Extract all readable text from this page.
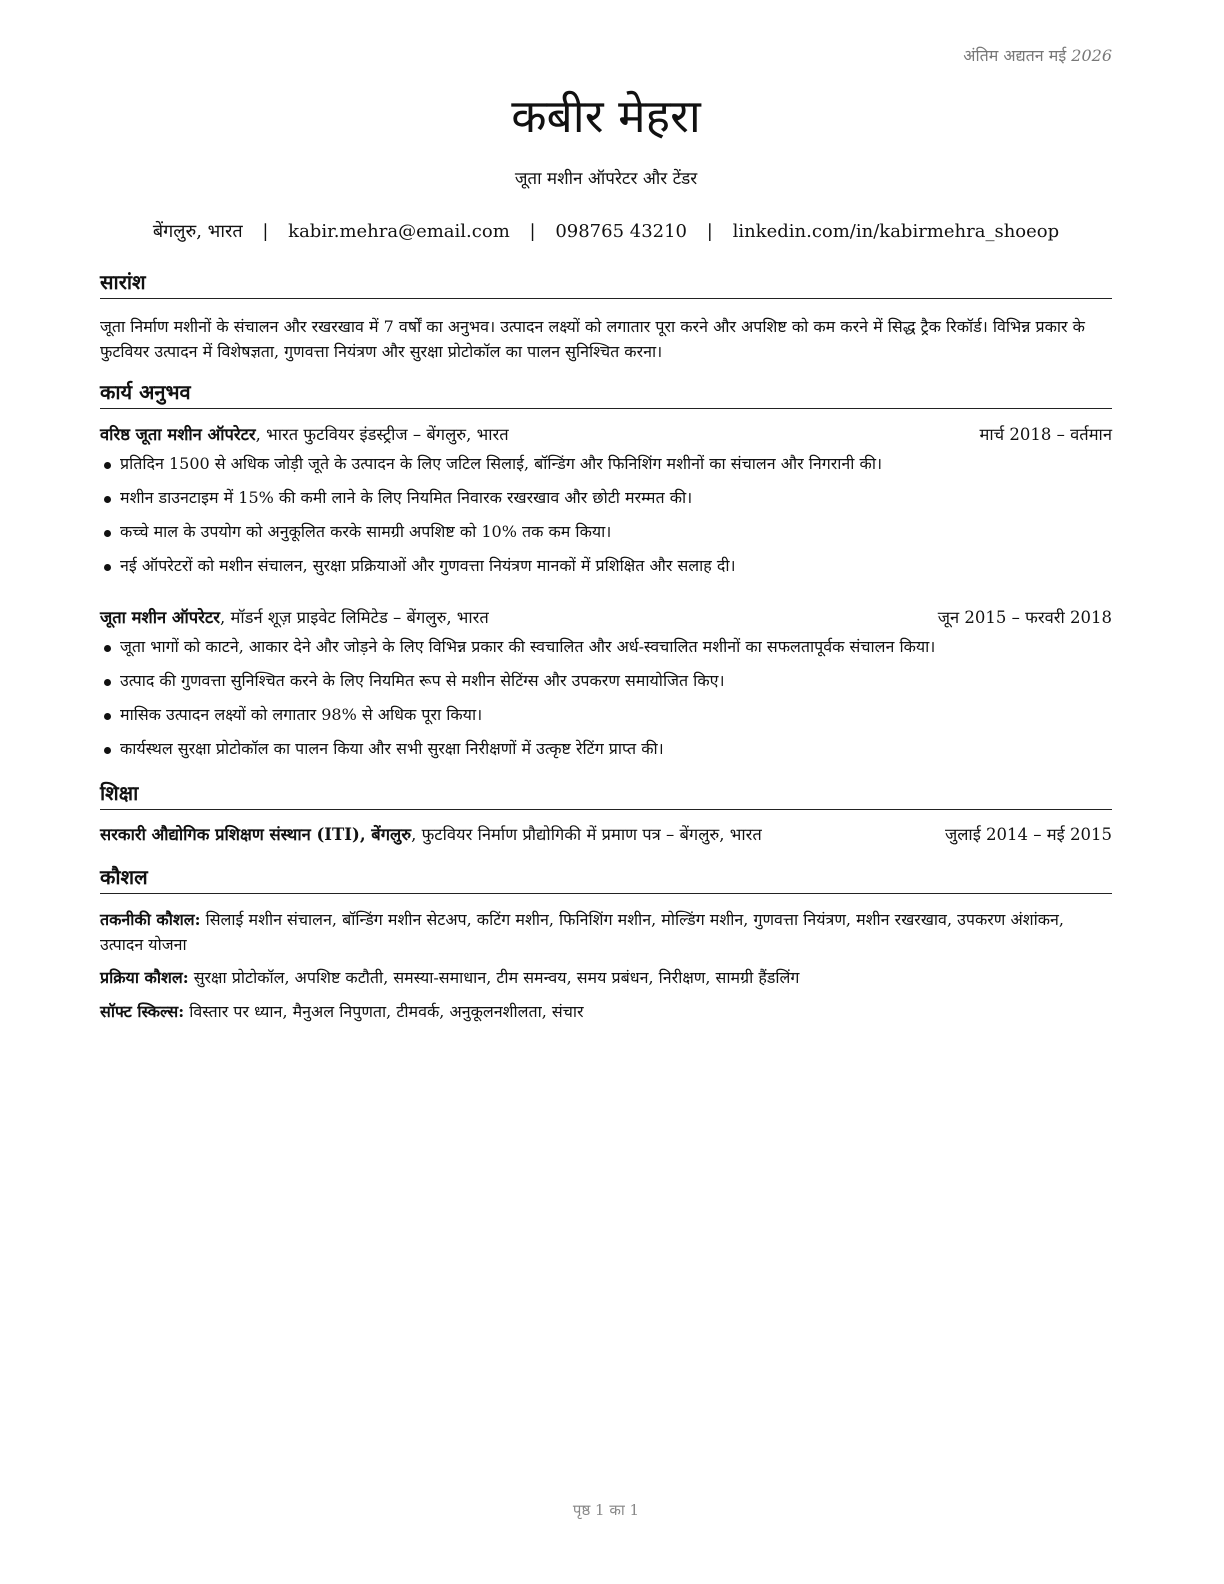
अंतिम अद्यतन मई 2026
कबीर मेहरा
जूता मशीन ऑपरेटर और टेंडर
बेंगलुरु, भारत | kabir.mehra@email.com | 098765 43210 | linkedin.com/in/kabirmehra_shoeop
सारांश
जूता निर्माण मशीनों के संचालन और रखरखाव में 7 वर्षों का अनुभव। उत्पादन लक्ष्यों को लगातार पूरा करने और अपशिष्ट को कम करने में सिद्ध ट्रैक रिकॉर्ड। विभिन्न प्रकार के फुटवियर उत्पादन में विशेषज्ञता, गुणवत्ता नियंत्रण और सुरक्षा प्रोटोकॉल का पालन सुनिश्चित करना।
कार्य अनुभव
वरिष्ठ जूता मशीन ऑपरेटर, भारत फुटवियर इंडस्ट्रीज – बेंगलुरु, भारत	मार्च 2018 – वर्तमान
प्रतिदिन 1500 से अधिक जोड़ी जूते के उत्पादन के लिए जटिल सिलाई, बॉन्डिंग और फिनिशिंग मशीनों का संचालन और निगरानी की।
मशीन डाउनटाइम में 15% की कमी लाने के लिए नियमित निवारक रखरखाव और छोटी मरम्मत की।
कच्चे माल के उपयोग को अनुकूलित करके सामग्री अपशिष्ट को 10% तक कम किया।
नई ऑपरेटरों को मशीन संचालन, सुरक्षा प्रक्रियाओं और गुणवत्ता नियंत्रण मानकों में प्रशिक्षित और सलाह दी।
जूता मशीन ऑपरेटर, मॉडर्न शूज़ प्राइवेट लिमिटेड – बेंगलुरु, भारत	जून 2015 – फरवरी 2018
जूता भागों को काटने, आकार देने और जोड़ने के लिए विभिन्न प्रकार की स्वचालित और अर्ध-स्वचालित मशीनों का सफलतापूर्वक संचालन किया।
उत्पाद की गुणवत्ता सुनिश्चित करने के लिए नियमित रूप से मशीन सेटिंग्स और उपकरण समायोजित किए।
मासिक उत्पादन लक्ष्यों को लगातार 98% से अधिक पूरा किया।
कार्यस्थल सुरक्षा प्रोटोकॉल का पालन किया और सभी सुरक्षा निरीक्षणों में उत्कृष्ट रेटिंग प्राप्त की।
शिक्षा
सरकारी औद्योगिक प्रशिक्षण संस्थान (ITI), बेंगलुरु, फुटवियर निर्माण प्रौद्योगिकी में प्रमाण पत्र – बेंगलुरु, भारत	जुलाई 2014 – मई 2015
कौशल
तकनीकी कौशल: सिलाई मशीन संचालन, बॉन्डिंग मशीन सेटअप, कटिंग मशीन, फिनिशिंग मशीन, मोल्डिंग मशीन, गुणवत्ता नियंत्रण, मशीन रखरखाव, उपकरण अंशांकन, उत्पादन योजना
प्रक्रिया कौशल: सुरक्षा प्रोटोकॉल, अपशिष्ट कटौती, समस्या-समाधान, टीम समन्वय, समय प्रबंधन, निरीक्षण, सामग्री हैंडलिंग
सॉफ्ट स्किल्स: विस्तार पर ध्यान, मैनुअल निपुणता, टीमवर्क, अनुकूलनशीलता, संचार
पृष्ठ 1 का 1
